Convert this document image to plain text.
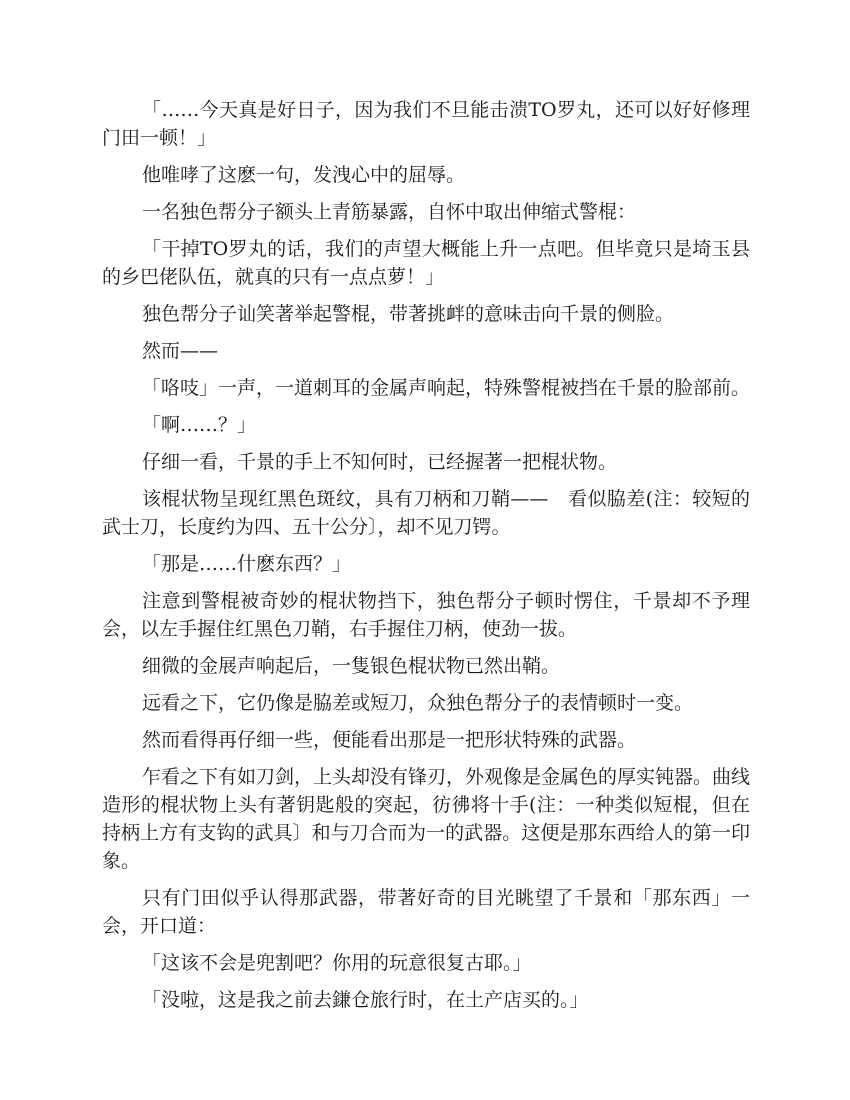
「……今天真是好日子，因为我们不旦能击溃TO罗丸，还可以好好修理门田一顿！」

他唯哮了这麽一句，发洩心中的屈辱。

一名独色帮分子额头上青筋暴露，自怀中取出伸缩式警棍：

「干掉TO罗丸的话，我们的声望大概能上升一点吧。但毕竟只是埼玉县的乡巴佬队伍，就真的只有一点点萝！」

独色帮分子讪笑著举起警棍，带著挑衅的意味击向千景的侧脸。

然而——

「咯吱」一声，一道刺耳的金属声响起，特殊警棍被挡在千景的脸部前。

「啊……？」

仔细一看，千景的手上不知何时，已经握著一把棍状物。

该棍状物呈现红黑色斑纹，具有刀柄和刀鞘——　看似脇差(注：较短的武士刀，长度约为四、五十公分〕，却不见刀锷。

「那是……什麽东西？」

注意到警棍被奇妙的棍状物挡下，独色帮分子顿时愣住，千景却不予理会，以左手握住红黑色刀鞘，右手握住刀柄，使劲一拔。

细微的金展声响起后，一隻银色棍状物已然出鞘。

远看之下，它仍像是脇差或短刀，众独色帮分子的表情顿时一变。

然而看得再仔细一些，便能看出那是一把形状特殊的武器。

乍看之下有如刀剑，上头却没有锋刃，外观像是金属色的厚实钝器。曲线造形的棍状物上头有著钥匙般的突起，彷彿将十手(注：一种类似短棍，但在持柄上方有支钩的武具〕和与刀合而为一的武器。这便是那东西给人的第一印象。

只有门田似乎认得那武器，带著好奇的目光眺望了千景和「那东西」一会，开口道：

「这该不会是兜割吧？你用的玩意很复古耶。」

「没啦，这是我之前去鎌仓旅行时，在土产店买的。」
